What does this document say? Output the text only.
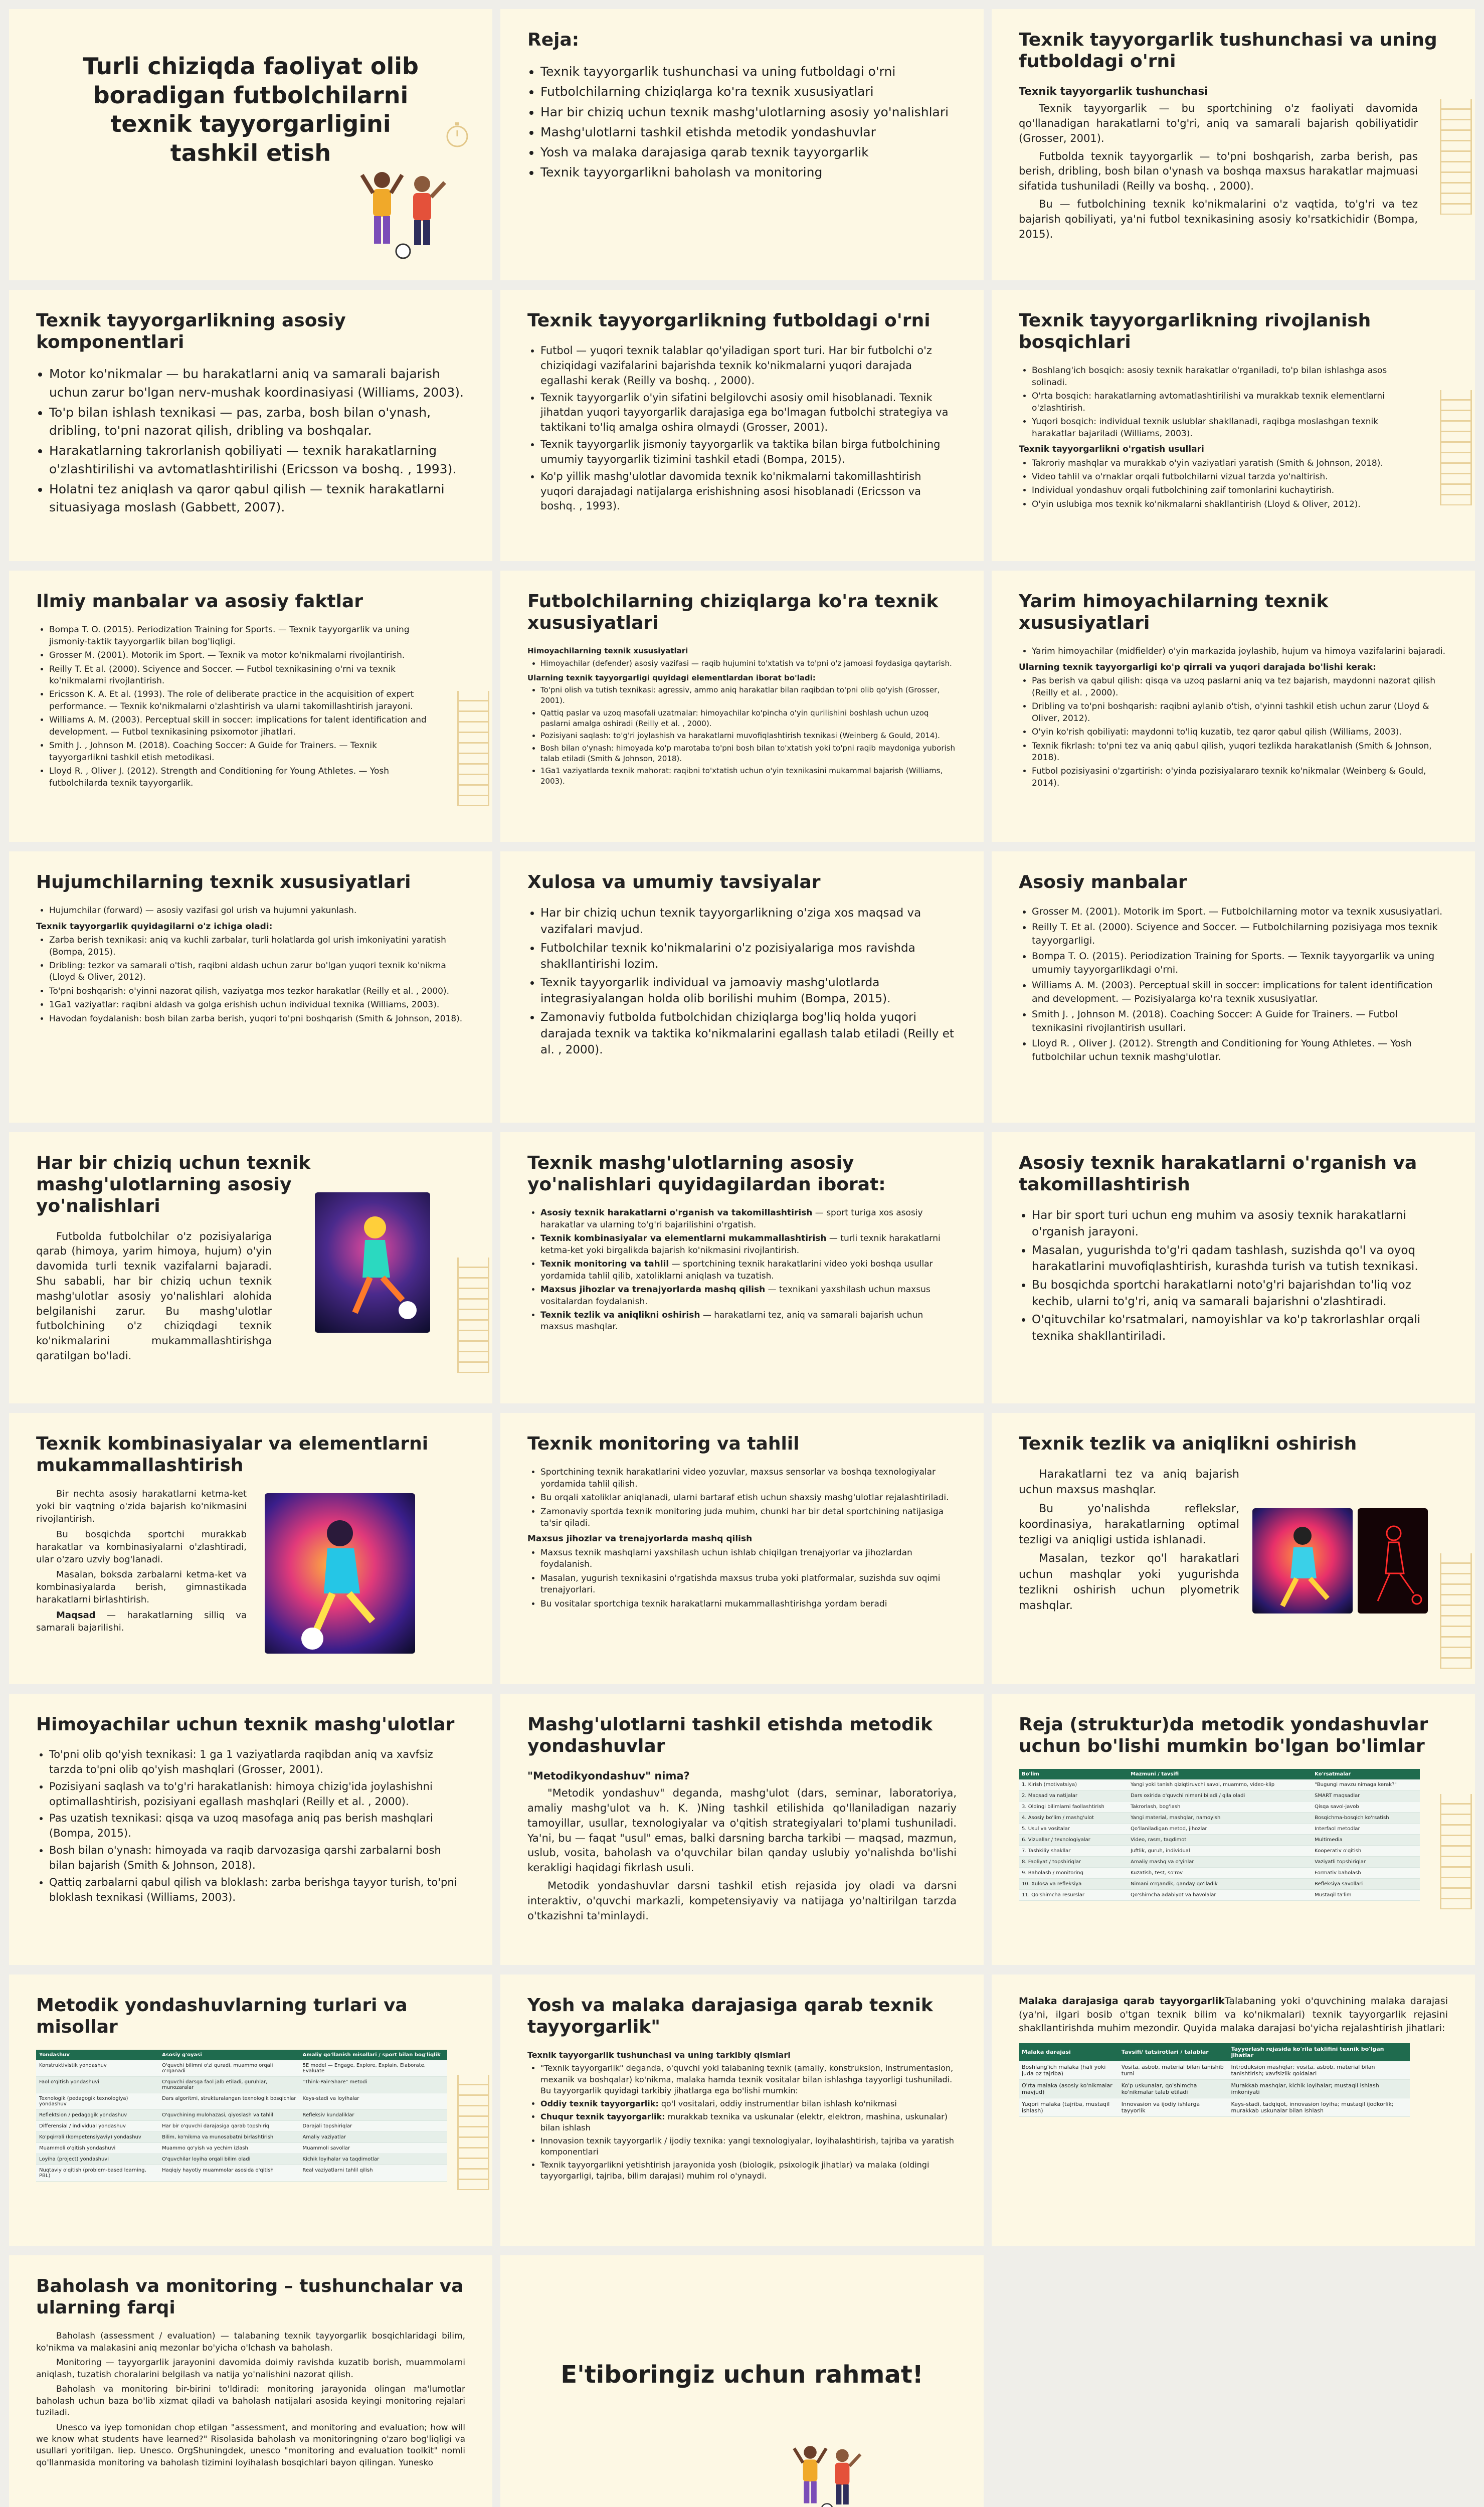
Turli chiziqda faoliyat olib boradigan futbolchilarni texnik tayyorgarligini tashkil etish
Reja:
• Texnik tayyorgarlik tushunchasi va uning futboldagi o'rni
• Futbolchilarning chiziqlarga ko'ra texnik xususiyatlari
• Har bir chiziq uchun texnik mashg'ulotlarning asosiy yo'nalishlari
• Mashg'ulotlarni tashkil etishda metodik yondashuvlar
• Yosh va malaka darajasiga qarab texnik tayyorgarlik
• Texnik tayyorgarlikni baholash va monitoring
Texnik tayyorgarlik tushunchasi va uning futboldagi o'rni
Texnik tayyorgarlik tushunchasi

Texnik tayyorgarlik — bu sportchining o'z faoliyati davomida qo'llanadigan harakatlarni to'g'ri, aniq va samarali bajarish qobiliyatidir (Grosser, 2001).

Futbolda texnik tayyorgarlik — to'pni boshqarish, zarba berish, pas berish, dribling, bosh bilan o'ynash va boshqa maxsus harakatlar majmuasi sifatida tushuniladi (Reilly va boshq. , 2000).

Bu — futbolchining texnik ko'nikmalarini o'z vaqtida, to'g'ri va tez bajarish qobiliyati, ya'ni futbol texnikasining asosiy ko'rsatkichidir (Bompa, 2015).

Texnik tayyorgarlikning asosiy komponentlari
• Motor ko'nikmalar — bu harakatlarni aniq va samarali bajarish uchun zarur bo'lgan nerv-mushak koordinasiyasi (Williams, 2003).
• To'p bilan ishlash texnikasi — pas, zarba, bosh bilan o'ynash, dribling, to'pni nazorat qilish, dribling va boshqalar.
• Harakatlarning takrorlanish qobiliyati — texnik harakatlarning o'zlashtirilishi va avtomatlashtirilishi (Ericsson va boshq. , 1993).
• Holatni tez aniqlash va qaror qabul qilish — texnik harakatlarni situasiyaga moslash (Gabbett, 2007).
Texnik tayyorgarlikning futboldagi o'rni
• Futbol — yuqori texnik talablar qo'yiladigan sport turi. Har bir futbolchi o'z chiziqidagi vazifalarini bajarishda texnik ko'nikmalarni yuqori darajada egallashi kerak (Reilly va boshq. , 2000).
• Texnik tayyorgarlik o'yin sifatini belgilovchi asosiy omil hisoblanadi. Texnik jihatdan yuqori tayyorgarlik darajasiga ega bo'lmagan futbolchi strategiya va taktikani to'liq amalga oshira olmaydi (Grosser, 2001).
• Texnik tayyorgarlik jismoniy tayyorgarlik va taktika bilan birga futbolchining umumiy tayyorgarlik tizimini tashkil etadi (Bompa, 2015).
• Ko'p yillik mashg'ulotlar davomida texnik ko'nikmalarni takomillashtirish yuqori darajadagi natijalarga erishishning asosi hisoblanadi (Ericsson va boshq. , 1993).
Texnik tayyorgarlikning rivojlanish bosqichlari
• Boshlang'ich bosqich: asosiy texnik harakatlar o'rganiladi, to'p bilan ishlashga asos solinadi.
• O'rta bosqich: harakatlarning avtomatlashtirilishi va murakkab texnik elementlarni o'zlashtirish.
• Yuqori bosqich: individual texnik uslublar shakllanadi, raqibga moslashgan texnik harakatlar bajariladi (Williams, 2003).
Texnik tayyorgarlikni o'rgatish usullari
• Takroriy mashqlar va murakkab o'yin vaziyatlari yaratish (Smith & Johnson, 2018).
• Video tahlil va o'rnaklar orqali futbolchilarni vizual tarzda yo'naltirish.
• Individual yondashuv orqali futbolchining zaif tomonlarini kuchaytirish.
• O'yin uslubiga mos texnik ko'nikmalarni shakllantirish (Lloyd & Oliver, 2012).
Ilmiy manbalar va asosiy faktlar
• Bompa T. O. (2015). Periodization Training for Sports. — Texnik tayyorgarlik va uning jismoniy-taktik tayyorgarlik bilan bog'liqligi.
• Grosser M. (2001). Motorik im Sport. — Texnik va motor ko'nikmalarni rivojlantirish.
• Reilly T. Et al. (2000). Sciyence and Soccer. — Futbol texnikasining o'rni va texnik ko'nikmalarni rivojlantirish.
• Ericsson K. A. Et al. (1993). The role of deliberate practice in the acquisition of expert performance. — Texnik ko'nikmalarni o'zlashtirish va ularni takomillashtirish jarayoni.
• Williams A. M. (2003). Perceptual skill in soccer: implications for talent identification and development. — Futbol texnikasining psixomotor jihatlari.
• Smith J. , Johnson M. (2018). Coaching Soccer: A Guide for Trainers. — Texnik tayyorgarlikni tashkil etish metodikasi.
• Lloyd R. , Oliver J. (2012). Strength and Conditioning for Young Athletes. — Yosh futbolchilarda texnik tayyorgarlik.
Futbolchilarning chiziqlarga ko'ra texnik xususiyatlari
Himoyachilarning texnik xususiyatlari
• Himoyachilar (defender) asosiy vazifasi — raqib hujumini to'xtatish va to'pni o'z jamoasi foydasiga qaytarish.
Ularning texnik tayyorgarligi quyidagi elementlardan iborat bo'ladi:
• To'pni olish va tutish texnikasi: agressiv, ammo aniq harakatlar bilan raqibdan to'pni olib qo'yish (Grosser, 2001).
• Qattiq paslar va uzoq masofali uzatmalar: himoyachilar ko'pincha o'yin qurilishini boshlash uchun uzoq paslarni amalga oshiradi (Reilly et al. , 2000).
• Pozisiyani saqlash: to'g'ri joylashish va harakatlarni muvofiqlashtirish texnikasi (Weinberg & Gould, 2014).
• Bosh bilan o'ynash: himoyada ko'p marotaba to'pni bosh bilan to'xtatish yoki to'pni raqib maydoniga yuborish talab etiladi (Smith & Johnson, 2018).
• 1Ga1 vaziyatlarda texnik mahorat: raqibni to'xtatish uchun o'yin texnikasini mukammal bajarish (Williams, 2003).
Yarim himoyachilarning texnik xususiyatlari
• Yarim himoyachilar (midfielder) o'yin markazida joylashib, hujum va himoya vazifalarini bajaradi.
Ularning texnik tayyorgarligi ko'p qirrali va yuqori darajada bo'lishi kerak:
• Pas berish va qabul qilish: qisqa va uzoq paslarni aniq va tez bajarish, maydonni nazorat qilish (Reilly et al. , 2000).
• Dribling va to'pni boshqarish: raqibni aylanib o'tish, o'yinni tashkil etish uchun zarur (Lloyd & Oliver, 2012).
• O'yin ko'rish qobiliyati: maydonni to'liq kuzatib, tez qaror qabul qilish (Williams, 2003).
• Texnik fikrlash: to'pni tez va aniq qabul qilish, yuqori tezlikda harakatlanish (Smith & Johnson, 2018).
• Futbol pozisiyasini o'zgartirish: o'yinda pozisiyalararo texnik ko'nikmalar (Weinberg & Gould, 2014).
Hujumchilarning texnik xususiyatlari
• Hujumchilar (forward) — asosiy vazifasi gol urish va hujumni yakunlash.
Texnik tayyorgarlik quyidagilarni o'z ichiga oladi:
• Zarba berish texnikasi: aniq va kuchli zarbalar, turli holatlarda gol urish imkoniyatini yaratish (Bompa, 2015).
• Dribling: tezkor va samarali o'tish, raqibni aldash uchun zarur bo'lgan yuqori texnik ko'nikma (Lloyd & Oliver, 2012).
• To'pni boshqarish: o'yinni nazorat qilish, vaziyatga mos tezkor harakatlar (Reilly et al. , 2000).
• 1Ga1 vaziyatlar: raqibni aldash va golga erishish uchun individual texnika (Williams, 2003).
• Havodan foydalanish: bosh bilan zarba berish, yuqori to'pni boshqarish (Smith & Johnson, 2018).
Xulosa va umumiy tavsiyalar
• Har bir chiziq uchun texnik tayyorgarlikning o'ziga xos maqsad va vazifalari mavjud.
• Futbolchilar texnik ko'nikmalarini o'z pozisiyalariga mos ravishda shakllantirishi lozim.
• Texnik tayyorgarlik individual va jamoaviy mashg'ulotlarda integrasiyalangan holda olib borilishi muhim (Bompa, 2015).
• Zamonaviy futbolda futbolchidan chiziqlarga bog'liq holda yuqori darajada texnik va taktika ko'nikmalarini egallash talab etiladi (Reilly et al. , 2000).
Asosiy manbalar
• Grosser M. (2001). Motorik im Sport. — Futbolchilarning motor va texnik xususiyatlari.
• Reilly T. Et al. (2000). Sciyence and Soccer. — Futbolchilarning pozisiyaga mos texnik tayyorgarligi.
• Bompa T. O. (2015). Periodization Training for Sports. — Texnik tayyorgarlik va uning umumiy tayyorgarlikdagi o'rni.
• Williams A. M. (2003). Perceptual skill in soccer: implications for talent identification and development. — Pozisiyalarga ko'ra texnik xususiyatlar.
• Smith J. , Johnson M. (2018). Coaching Soccer: A Guide for Trainers. — Futbol texnikasini rivojlantirish usullari.
• Lloyd R. , Oliver J. (2012). Strength and Conditioning for Young Athletes. — Yosh futbolchilar uchun texnik mashg'ulotlar.
Har bir chiziq uchun texnik mashg'ulotlarning asosiy yo'nalishlari

Futbolda futbolchilar o'z pozisiyalariga qarab (himoya, yarim himoya, hujum) o'yin davomida turli texnik vazifalarni bajaradi. Shu sababli, har bir chiziq uchun texnik mashg'ulotlar asosiy yo'nalishlari alohida belgilanishi zarur. Bu mashg'ulotlar futbolchining o'z chiziqdagi texnik ko'nikmalarini mukammallashtirishga qaratilgan bo'ladi.

Texnik mashg'ulotlarning asosiy yo'nalishlari quyidagilardan iborat:
• Asosiy texnik harakatlarni o'rganish va takomillashtirish — sport turiga xos asosiy harakatlar va ularning to'g'ri bajarilishini o'rgatish.
• Texnik kombinasiyalar va elementlarni mukammallashtirish — turli texnik harakatlarni ketma-ket yoki birgalikda bajarish ko'nikmasini rivojlantirish.
• Texnik monitoring va tahlil — sportchining texnik harakatlarini video yoki boshqa usullar yordamida tahlil qilib, xatoliklarni aniqlash va tuzatish.
• Maxsus jihozlar va trenajyorlarda mashq qilish — texnikani yaxshilash uchun maxsus vositalardan foydalanish.
• Texnik tezlik va aniqlikni oshirish — harakatlarni tez, aniq va samarali bajarish uchun maxsus mashqlar.
Asosiy texnik harakatlarni o'rganish va takomillashtirish
• Har bir sport turi uchun eng muhim va asosiy texnik harakatlarni o'rganish jarayoni.
• Masalan, yugurishda to'g'ri qadam tashlash, suzishda qo'l va oyoq harakatlarini muvofiqlashtirish, kurashda turish va tutish texnikasi.
• Bu bosqichda sportchi harakatlarni noto'g'ri bajarishdan to'liq voz kechib, ularni to'g'ri, aniq va samarali bajarishni o'zlashtiradi.
• O'qituvchilar ko'rsatmalari, namoyishlar va ko'p takrorlashlar orqali texnika shakllantiriladi.
Texnik kombinasiyalar va elementlarni mukammallashtirish

Bir nechta asosiy harakatlarni ketma-ket yoki bir vaqtning o'zida bajarish ko'nikmasini rivojlantirish.

Bu bosqichda sportchi murakkab harakatlar va kombinasiyalarni o'zlashtiradi, ular o'zaro uzviy bog'lanadi.

Masalan, boksda zarbalarni ketma-ket va kombinasiyalarda berish, gimnastikada harakatlarni birlashtirish.

Maqsad — harakatlarning silliq va samarali bajarilishi.

Texnik monitoring va tahlil
• Sportchining texnik harakatlarini video yozuvlar, maxsus sensorlar va boshqa texnologiyalar yordamida tahlil qilish.
• Bu orqali xatoliklar aniqlanadi, ularni bartaraf etish uchun shaxsiy mashg'ulotlar rejalashtiriladi.
• Zamonaviy sportda texnik monitoring juda muhim, chunki har bir detal sportchining natijasiga ta'sir qiladi.
Maxsus jihozlar va trenajyorlarda mashq qilish
• Maxsus texnik mashqlarni yaxshilash uchun ishlab chiqilgan trenajyorlar va jihozlardan foydalanish.
• Masalan, yugurish texnikasini o'rgatishda maxsus truba yoki platformalar, suzishda suv oqimi trenajyorlari.
• Bu vositalar sportchiga texnik harakatlarni mukammallashtirishga yordam beradi
Texnik tezlik va aniqlikni oshirish

Harakatlarni tez va aniq bajarish uchun maxsus mashqlar.

Bu yo'nalishda reflekslar, koordinasiya, harakatlarning optimal tezligi va aniqligi ustida ishlanadi.

Masalan, tezkor qo'l harakatlari uchun mashqlar yoki yugurishda tezlikni oshirish uchun plyometrik mashqlar.

Himoyachilar uchun texnik mashg'ulotlar
• To'pni olib qo'yish texnikasi: 1 ga 1 vaziyatlarda raqibdan aniq va xavfsiz tarzda to'pni olib qo'yish mashqlari (Grosser, 2001).
• Pozisiyani saqlash va to'g'ri harakatlanish: himoya chizig'ida joylashishni optimallashtirish, pozisiyani egallash mashqlari (Reilly et al. , 2000).
• Pas uzatish texnikasi: qisqa va uzoq masofaga aniq pas berish mashqlari (Bompa, 2015).
• Bosh bilan o'ynash: himoyada va raqib darvozasiga qarshi zarbalarni bosh bilan bajarish (Smith & Johnson, 2018).
• Qattiq zarbalarni qabul qilish va bloklash: zarba berishga tayyor turish, to'pni bloklash texnikasi (Williams, 2003).
Mashg'ulotlarni tashkil etishda metodik yondashuvlar
"Metodikyondashuv" nima?

"Metodik yondashuv" deganda, mashg'ulot (dars, seminar, laboratoriya, amaliy mashg'ulot va h. K. )Ning tashkil etilishida qo'llaniladigan nazariy tamoyillar, usullar, texnologiyalar va o'qitish strategiyalari to'plami tushuniladi. Ya'ni, bu — faqat "usul" emas, balki darsning barcha tarkibi — maqsad, mazmun, uslub, vosita, baholash va o'quvchilar bilan qanday uslubiy yo'nalishda bo'lishi kerakligi haqidagi fikrlash usuli.

Metodik yondashuvlar darsni tashkil etish rejasida joy oladi va darsni interaktiv, o'quvchi markazli, kompetensiyaviy va natijaga yo'naltirilgan tarzda o'tkazishni ta'minlaydi.

Reja (struktur)da metodik yondashuvlar uchun bo'lishi mumkin bo'lgan bo'limlar
Bo'lim	Mazmuni / tavsifi	Ko'rsatmalar
1. Kirish (motivatsiya)	Yangi yoki tanish qiziqtiruvchi savol, muammo, video-klip	"Bugungi mavzu nimaga kerak?"
2. Maqsad va natijalar	Dars oxirida o'quvchi nimani biladi / qila oladi	SMART maqsadlar
3. Oldingi bilimlarni faollashtirish	Takrorlash, bog'lash	Qisqa savol-javob
4. Asosiy bo'lim / mashg'ulot	Yangi material, mashqlar, namoyish	Bosqichma-bosqich ko'rsatish
5. Usul va vositalar	Qo'llaniladigan metod, jihozlar	Interfaol metodlar
6. Vizuallar / texnologiyalar	Video, rasm, taqdimot	Multimedia
7. Tashkiliy shakllar	Juftlik, guruh, individual	Kooperativ o'qitish
8. Faoliyat / topshiriqlar	Amaliy mashq va o'yinlar	Vaziyatli topshiriqlar
9. Baholash / monitoring	Kuzatish, test, so'rov	Formativ baholash
10. Xulosa va refleksiya	Nimani o'rgandik, qanday qo'lladik	Refleksiya savollari
11. Qo'shimcha resurslar	Qo'shimcha adabiyot va havolalar	Mustaqil ta'lim
Metodik yondashuvlarning turlari va misollar
Yondashuv	Asosiy g'oyasi	Amaliy qo'llanish misollari / sport bilan bog'liqlik
Konstruktivistik yondashuv	O'quvchi bilimni o'zi quradi, muammo orqali o'rganadi	5E model — Engage, Explore, Explain, Elaborate, Evaluate
Faol o'qitish yondashuvi	O'quvchi darsga faol jalb etiladi, guruhlar, munozaralar	"Think-Pair-Share" metodi
Texnologik (pedagogik texnologiya) yondashuv	Dars algoritmi, strukturalangan texnologik bosqichlar	Keys-stadi va loyihalar
Reflektsion / pedagogik yondashuv	O'quvchining mulohazasi, qiyoslash va tahlil	Refleksiv kundaliklar
Differensial / individual yondashuv	Har bir o'quvchi darajasiga qarab topshiriq	Darajali topshiriqlar
Ko'pqirrali (kompetensiyaviy) yondashuv	Bilim, ko'nikma va munosabatni birlashtirish	Amaliy vaziyatlar
Muammoli o'qitish yondashuvi	Muammo qo'yish va yechim izlash	Muammoli savollar
Loyiha (project) yondashuvi	O'quvchilar loyiha orqali bilim oladi	Kichik loyihalar va taqdimotlar
Nuqtaviy o'qitish (problem-based learning, PBL)	Haqiqiy hayotiy muammolar asosida o'qitish	Real vaziyatlarni tahlil qilish
Yosh va malaka darajasiga qarab texnik tayyorgarlik"
Texnik tayyorgarlik tushunchasi va uning tarkibiy qismlari
• "Texnik tayyorgarlik" deganda, o'quvchi yoki talabaning texnik (amaliy, konstruksion, instrumentasion, mexanik va boshqalar) ko'nikma, malaka hamda texnik vositalar bilan ishlashga tayyorligi tushuniladi. Bu tayyorgarlik quyidagi tarkibiy jihatlarga ega bo'lishi mumkin:
• Oddiy texnik tayyorgarlik: qo'l vositalari, oddiy instrumentlar bilan ishlash ko'nikmasi
• Chuqur texnik tayyorgarlik: murakkab texnika va uskunalar (elektr, elektron, mashina, uskunalar) bilan ishlash
• Innovasion texnik tayyorgarlik / ijodiy texnika: yangi texnologiyalar, loyihalashtirish, tajriba va yaratish komponentlari
• Texnik tayyorgarlikni yetishtirish jarayonida yosh (biologik, psixologik jihatlar) va malaka (oldingi tayyorgarligi, tajriba, bilim darajasi) muhim rol o'ynaydi.

Malaka darajasiga qarab tayyorgarlikTalabaning yoki o'quvchining malaka darajasi (ya'ni, ilgari bosib o'tgan texnik bilim va ko'nikmalari) texnik tayyorgarlik rejasini shakllantirishda muhim mezondir. Quyida malaka darajasi bo'yicha rejalashtirish jihatlari:

Malaka darajasi	Tavsifi/ tatsirotlari / talablar	Tayyorlash rejasida ko'rila taklifini texnik bo'lgan jihatlar
Boshlang'ich malaka (hali yoki juda oz tajriba)	Vosita, asbob, material bilan tanishib turni	Introduksion mashqlar; vosita, asbob, material bilan tanishtirish; xavfsizlik qoidalari
O'rta malaka (asosiy ko'nikmalar mavjud)	Ko'p uskunalar, qo'shimcha ko'nikmalar talab etiladi	Murakkab mashqlar, kichik loyihalar; mustaqil ishlash imkoniyati
Yuqori malaka (tajriba, mustaqil ishlash)	Innovasion va ijodiy ishlarga tayyorlik	Keys-stadi, tadqiqot, innovasion loyiha; mustaqil ijodkorlik; murakkab uskunalar bilan ishlash
Baholash va monitoring – tushunchalar va ularning farqi

Baholash (assessment / evaluation) — talabaning texnik tayyorgarlik bosqichlaridagi bilim, ko'nikma va malakasini aniq mezonlar bo'yicha o'lchash va baholash.

Monitoring — tayyorgarlik jarayonini davomida doimiy ravishda kuzatib borish, muammolarni aniqlash, tuzatish choralarini belgilash va natija yo'nalishini nazorat qilish.

Baholash va monitoring bir-birini to'ldiradi: monitoring jarayonida olingan ma'lumotlar baholash uchun baza bo'lib xizmat qiladi va baholash natijalari asosida keyingi monitoring rejalari tuziladi.

Unesco va iyep tomonidan chop etilgan "assessment, and monitoring and evaluation; how will we know what students have learned?" Risolasida baholash va monitoringning o'zaro bog'liqligi va usullari yoritilgan. Iiep. Unesco. OrgShuningdek, unesco "monitoring and evaluation toolkit" nomli qo'llanmasida monitoring va baholash tizimini loyihalash bosqichlari bayon qilingan. Yunesko

E'tiboringiz uchun rahmat!
